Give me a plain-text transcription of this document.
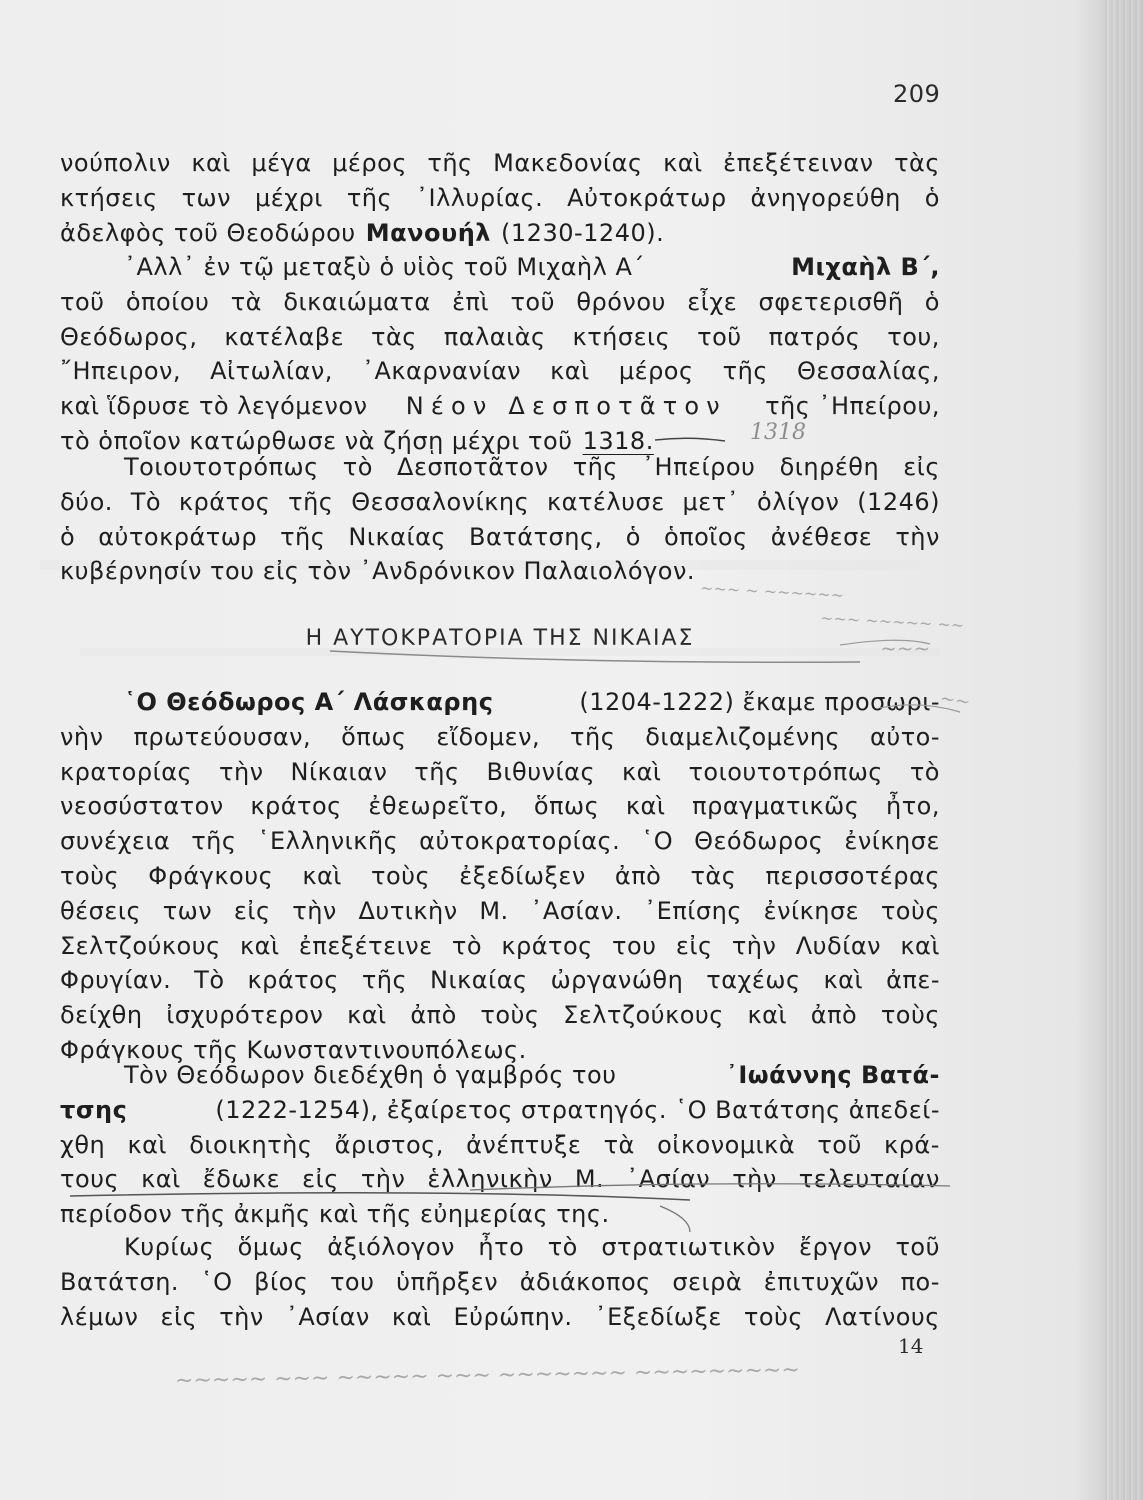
209
νούπολιν καὶ μέγα μέρος τῆς Μακεδονίας καὶ ἐπεξέτειναν τὰς
κτήσεις των μέχρι τῆς ᾿Ιλλυρίας. Αὐτοκράτωρ ἀνηγορεύθη ὁ
ἀδελφὸς τοῦ Θεοδώρου Μανουήλ (1230-1240).
᾿Αλλ᾿ ἐν τῷ μεταξὺ ὁ υἱὸς τοῦ Μιχαὴλ Α΄	Μιχαὴλ Β΄,
τοῦ ὁποίου τὰ δικαιώματα ἐπὶ τοῦ θρόνου εἶχε σφετερισθῆ ὁ
Θεόδωρος, κατέλαβε τὰς παλαιὰς κτήσεις τοῦ πατρός του,
῎Ηπειρον, Αἰτωλίαν, ᾿Ακαρνανίαν καὶ μέρος τῆς Θεσσαλίας,
καὶ ἵδρυσε τὸ λεγόμενον Νέον Δεσποτᾶτον τῆς ᾿Ηπείρου,
τὸ ὁποῖον κατώρθωσε νὰ ζήσῃ μέχρι τοῦ 1318.
Τοιουτοτρόπως τὸ Δεσποτᾶτον τῆς ᾿Ηπείρου διηρέθη εἰς
δύο. Τὸ κράτος τῆς Θεσσαλονίκης κατέλυσε μετ᾿ ὀλίγον (1246)
ὁ αὐτοκράτωρ τῆς Νικαίας Βατάτσης, ὁ ὁποῖος ἀνέθεσε τὴν
κυβέρνησίν του εἰς τὸν ᾿Ανδρόνικον Παλαιολόγον.
Η ΑΥΤΟΚΡΑΤΟΡΙΑ ΤΗΣ ΝΙΚΑΙΑΣ
῾Ο Θεόδωρος Α΄ Λάσκαρης	(1204-1222) ἔκαμε προσωρι-
νὴν πρωτεύουσαν, ὅπως εἴδομεν, τῆς διαμελιζομένης αὐτο-
κρατορίας τὴν Νίκαιαν τῆς Βιθυνίας καὶ τοιουτοτρόπως τὸ
νεοσύστατον κράτος ἐθεωρεῖτο, ὅπως καὶ πραγματικῶς ἦτο,
συνέχεια τῆς ῾Ελληνικῆς αὐτοκρατορίας. ῾Ο Θεόδωρος ἐνίκησε
τοὺς Φράγκους καὶ τοὺς ἐξεδίωξεν ἀπὸ τὰς περισσοτέρας
θέσεις των εἰς τὴν Δυτικὴν Μ. ᾿Ασίαν. ᾿Επίσης ἐνίκησε τοὺς
Σελτζούκους καὶ ἐπεξέτεινε τὸ κράτος του εἰς τὴν Λυδίαν καὶ
Φρυγίαν. Τὸ κράτος τῆς Νικαίας ὠργανώθη ταχέως καὶ ἀπε-
δείχθη ἰσχυρότερον καὶ ἀπὸ τοὺς Σελτζούκους καὶ ἀπὸ τοὺς
Φράγκους τῆς Κωνσταντινουπόλεως.
Τὸν Θεόδωρον διεδέχθη ὁ γαμβρός του	᾿Ιωάννης Βατά-
τσης	(1222-1254), ἐξαίρετος στρατηγός. ῾Ο Βατάτσης ἀπεδεί-
χθη καὶ διοικητὴς ἄριστος, ἀνέπτυξε τὰ οἰκονομικὰ τοῦ κρά-
τους καὶ ἔδωκε εἰς τὴν ἑλληνικὴν Μ. ᾿Ασίαν τὴν τελευταίαν
περίοδον τῆς ἀκμῆς καὶ τῆς εὐημερίας της.
Κυρίως ὅμως ἀξιόλογον ἦτο τὸ στρατιωτικὸν ἔργον τοῦ
Βατάτση. ῾Ο βίος του ὑπῆρξεν ἀδιάκοπος σειρὰ ἐπιτυχῶν πο-
λέμων εἰς τὴν ᾿Ασίαν καὶ Εὐρώπην. ᾿Εξεδίωξε τοὺς Λατίνους
14
1318
~~~ ~ ~~~~~~
~~~ ~~~~~ ~~
~~~
~~
~~~~~ ~~~ ~~~~~ ~~~ ~~~~~~~ ~~~~~~~~~
